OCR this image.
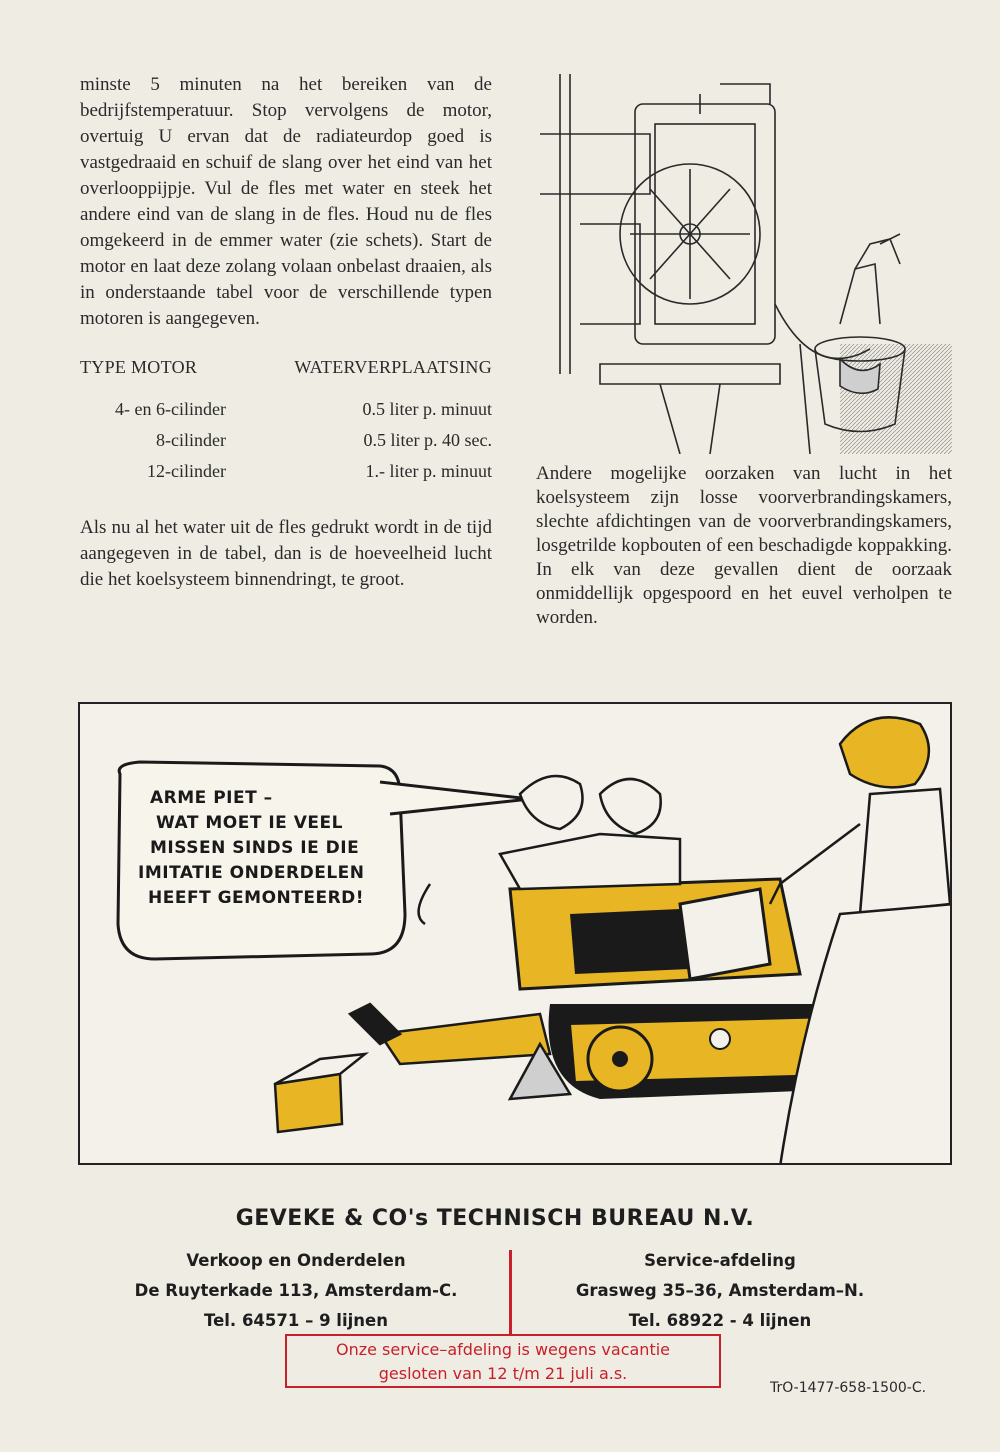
minste 5 minuten na het bereiken van de bedrijfstemperatuur. Stop vervolgens de motor, overtuig U ervan dat de radiateurdop goed is vastgedraaid en schuif de slang over het eind van het overlooppijpje. Vul de fles met water en steek het andere eind van de slang in de fles. Houd nu de fles omgekeerd in de emmer water (zie schets). Start de motor en laat deze zolang volaan onbelast draaien, als in onderstaande tabel voor de verschillende typen motoren is aangegeven.

TYPE MOTOR	WATERVERPLAATSING
4- en 6-cilinder	0.5 liter p. minuut
8-cilinder	0.5 liter p. 40 sec.
12-cilinder	1.- liter p. minuut

Als nu al het water uit de fles gedrukt wordt in de tijd aangegeven in de tabel, dan is de hoeveelheid lucht die het koelsysteem binnendringt, te groot.

Andere mogelijke oorzaken van lucht in het koelsysteem zijn losse voorverbrandingskamers, slechte afdichtingen van de voorverbrandingskamers, losgetrilde kopbouten of een beschadigde koppakking. In elk van deze gevallen dient de oorzaak onmiddellijk opgespoord en het euvel verholpen te worden.

ARME PIET –
WAT MOET IE VEEL
MISSEN SINDS IE DIE
IMITATIE ONDERDELEN
HEEFT GEMONTEERD!
GEVEKE & CO's TECHNISCH BUREAU N.V.
Verkoop en Onderdelen
De Ruyterkade 113, Amsterdam-C.
Tel. 64571 – 9 lijnen
Service-afdeling
Grasweg 35–36, Amsterdam–N.
Tel. 68922 - 4 lijnen
Onze service–afdeling is wegens vacantie
gesloten van 12 t/m 21 juli a.s.
TrO-1477-658-1500-C.
